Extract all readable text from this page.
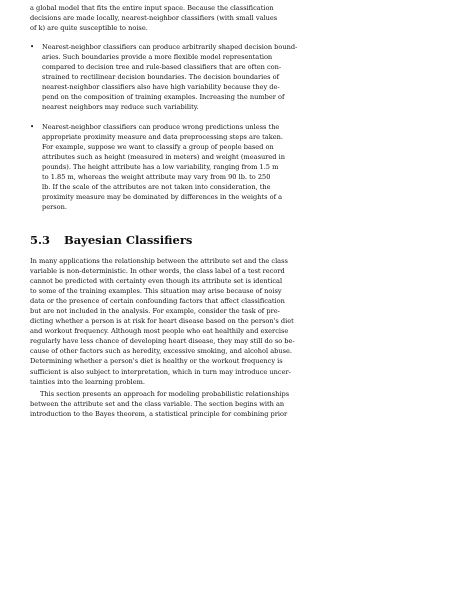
a global model that fits the entire input space. Because the classification
decisions are made locally, nearest-neighbor classifiers (with small values
of k) are quite susceptible to noise.
•	Nearest-neighbor classifiers can produce arbitrarily shaped decision bound-
aries. Such boundaries provide a more flexible model representation
compared to decision tree and rule-based classifiers that are often con-
strained to rectilinear decision boundaries. The decision boundaries of
nearest-neighbor classifiers also have high variability because they de-
pend on the composition of training examples. Increasing the number of
nearest neighbors may reduce such variability.
•	Nearest-neighbor classifiers can produce wrong predictions unless the
appropriate proximity measure and data preprocessing steps are taken.
For example, suppose we want to classify a group of people based on
attributes such as height (measured in meters) and weight (measured in
pounds). The height attribute has a low variability, ranging from 1.5 m
to 1.85 m, whereas the weight attribute may vary from 90 lb. to 250
lb. If the scale of the attributes are not taken into consideration, the
proximity measure may be dominated by differences in the weights of a
person.
5.3 Bayesian Classifiers
In many applications the relationship between the attribute set and the class
variable is non-deterministic. In other words, the class label of a test record
cannot be predicted with certainty even though its attribute set is identical
to some of the training examples. This situation may arise because of noisy
data or the presence of certain confounding factors that affect classification
but are not included in the analysis. For example, consider the task of pre-
dicting whether a person is at risk for heart disease based on the person's diet
and workout frequency. Although most people who eat healthily and exercise
regularly have less chance of developing heart disease, they may still do so be-
cause of other factors such as heredity, excessive smoking, and alcohol abuse.
Determining whether a person's diet is healthy or the workout frequency is
sufficient is also subject to interpretation, which in turn may introduce uncer-
tainties into the learning problem.
This section presents an approach for modeling probabilistic relationships
between the attribute set and the class variable. The section begins with an
introduction to the Bayes theorem, a statistical principle for combining prior
